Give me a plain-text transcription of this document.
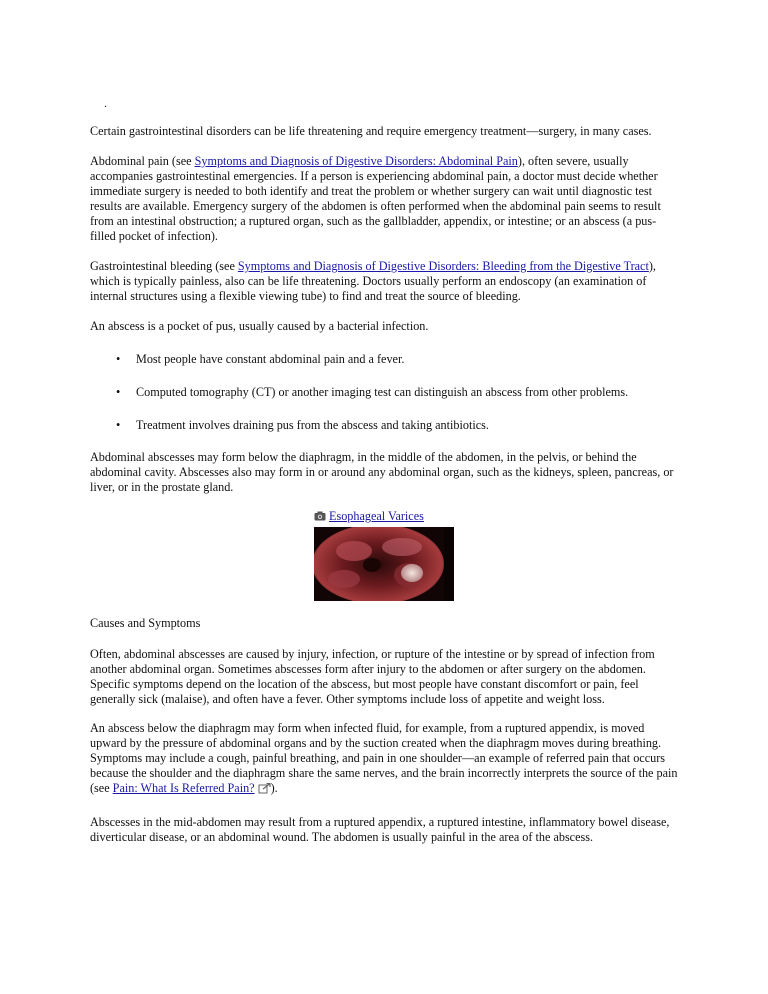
.

Certain gastrointestinal disorders can be life threatening and require emergency treatment—surgery, in many cases.

Abdominal pain (see Symptoms and Diagnosis of Digestive Disorders: Abdominal Pain), often severe, usually accompanies gastrointestinal emergencies. If a person is experiencing abdominal pain, a doctor must decide whether immediate surgery is needed to both identify and treat the problem or whether surgery can wait until diagnostic test results are available. Emergency surgery of the abdomen is often performed when the abdominal pain seems to result from an intestinal obstruction; a ruptured organ, such as the gallbladder, appendix, or intestine; or an abscess (a pus-filled pocket of infection).

Gastrointestinal bleeding (see Symptoms and Diagnosis of Digestive Disorders: Bleeding from the Digestive Tract), which is typically painless, also can be life threatening. Doctors usually perform an endoscopy (an examination of internal structures using a flexible viewing tube) to find and treat the source of bleeding.

An abscess is a pocket of pus, usually caused by a bacterial infection.

• Most people have constant abdominal pain and a fever.
• Computed tomography (CT) or another imaging test can distinguish an abscess from other problems.
• Treatment involves draining pus from the abscess and taking antibiotics.

Abdominal abscesses may form below the diaphragm, in the middle of the abdomen, in the pelvis, or behind the abdominal cavity. Abscesses also may form in or around any abdominal organ, such as the kidneys, spleen, pancreas, or liver, or in the prostate gland.

Esophageal Varices

Causes and Symptoms

Often, abdominal abscesses are caused by injury, infection, or rupture of the intestine or by spread of infection from another abdominal organ. Sometimes abscesses form after injury to the abdomen or after surgery on the abdomen. Specific symptoms depend on the location of the abscess, but most people have constant discomfort or pain, feel generally sick (malaise), and often have a fever. Other symptoms include loss of appetite and weight loss.

An abscess below the diaphragm may form when infected fluid, for example, from a ruptured appendix, is moved upward by the pressure of abdominal organs and by the suction created when the diaphragm moves during breathing. Symptoms may include a cough, painful breathing, and pain in one shoulder—an example of referred pain that occurs because the shoulder and the diaphragm share the same nerves, and the brain incorrectly interprets the source of the pain (see Pain: What Is Referred Pain? ).

Abscesses in the mid-abdomen may result from a ruptured appendix, a ruptured intestine, inflammatory bowel disease, diverticular disease, or an abdominal wound. The abdomen is usually painful in the area of the abscess.
